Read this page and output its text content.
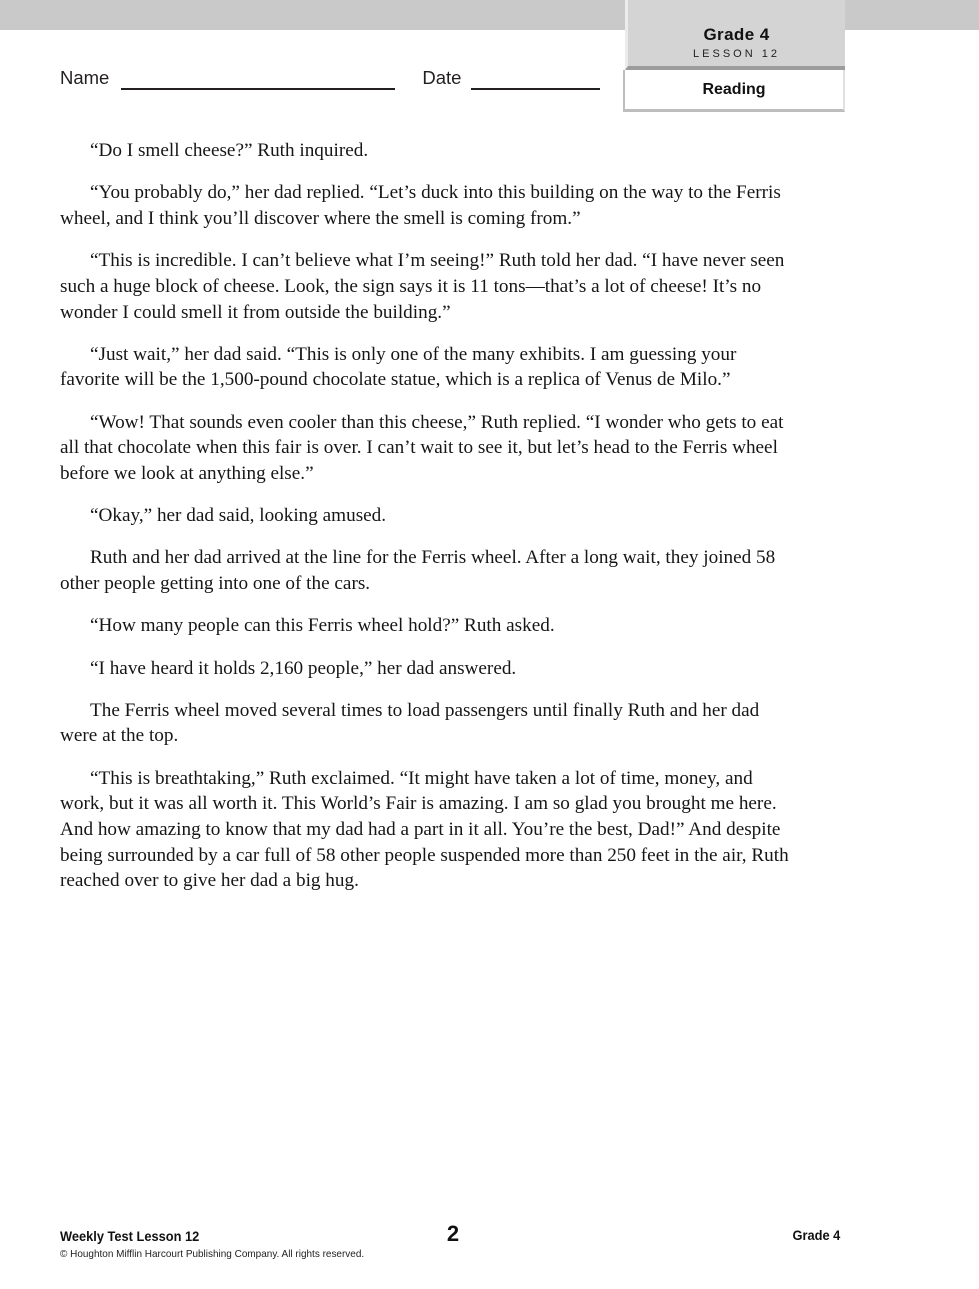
Grade 4
LESSON 12
Reading
Name	Date

“Do I smell cheese?” Ruth inquired.

“You probably do,” her dad replied. “Let’s duck into this building on the way to the Ferris wheel, and I think you’ll discover where the smell is coming from.”

“This is incredible. I can’t believe what I’m seeing!” Ruth told her dad. “I have never seen such a huge block of cheese. Look, the sign says it is 11 tons—that’s a lot of cheese! It’s no wonder I could smell it from outside the building.”

“Just wait,” her dad said. “This is only one of the many exhibits. I am guessing your favorite will be the 1,500-pound chocolate statue, which is a replica of Venus de Milo.”

“Wow! That sounds even cooler than this cheese,” Ruth replied. “I wonder who gets to eat all that chocolate when this fair is over. I can’t wait to see it, but let’s head to the Ferris wheel before we look at anything else.”

“Okay,” her dad said, looking amused.

Ruth and her dad arrived at the line for the Ferris wheel. After a long wait, they joined 58 other people getting into one of the cars.

“How many people can this Ferris wheel hold?” Ruth asked.

“I have heard it holds 2,160 people,” her dad answered.

The Ferris wheel moved several times to load passengers until finally Ruth and her dad were at the top.

“This is breathtaking,” Ruth exclaimed. “It might have taken a lot of time, money, and work, but it was all worth it. This World’s Fair is amazing. I am so glad you brought me here. And how amazing to know that my dad had a part in it all. You’re the best, Dad!” And despite being surrounded by a car full of 58 other people suspended more than 250 feet in the air, Ruth reached over to give her dad a big hug.

Weekly Test Lesson 12
© Houghton Mifflin Harcourt Publishing Company. All rights reserved.
2	Grade 4
